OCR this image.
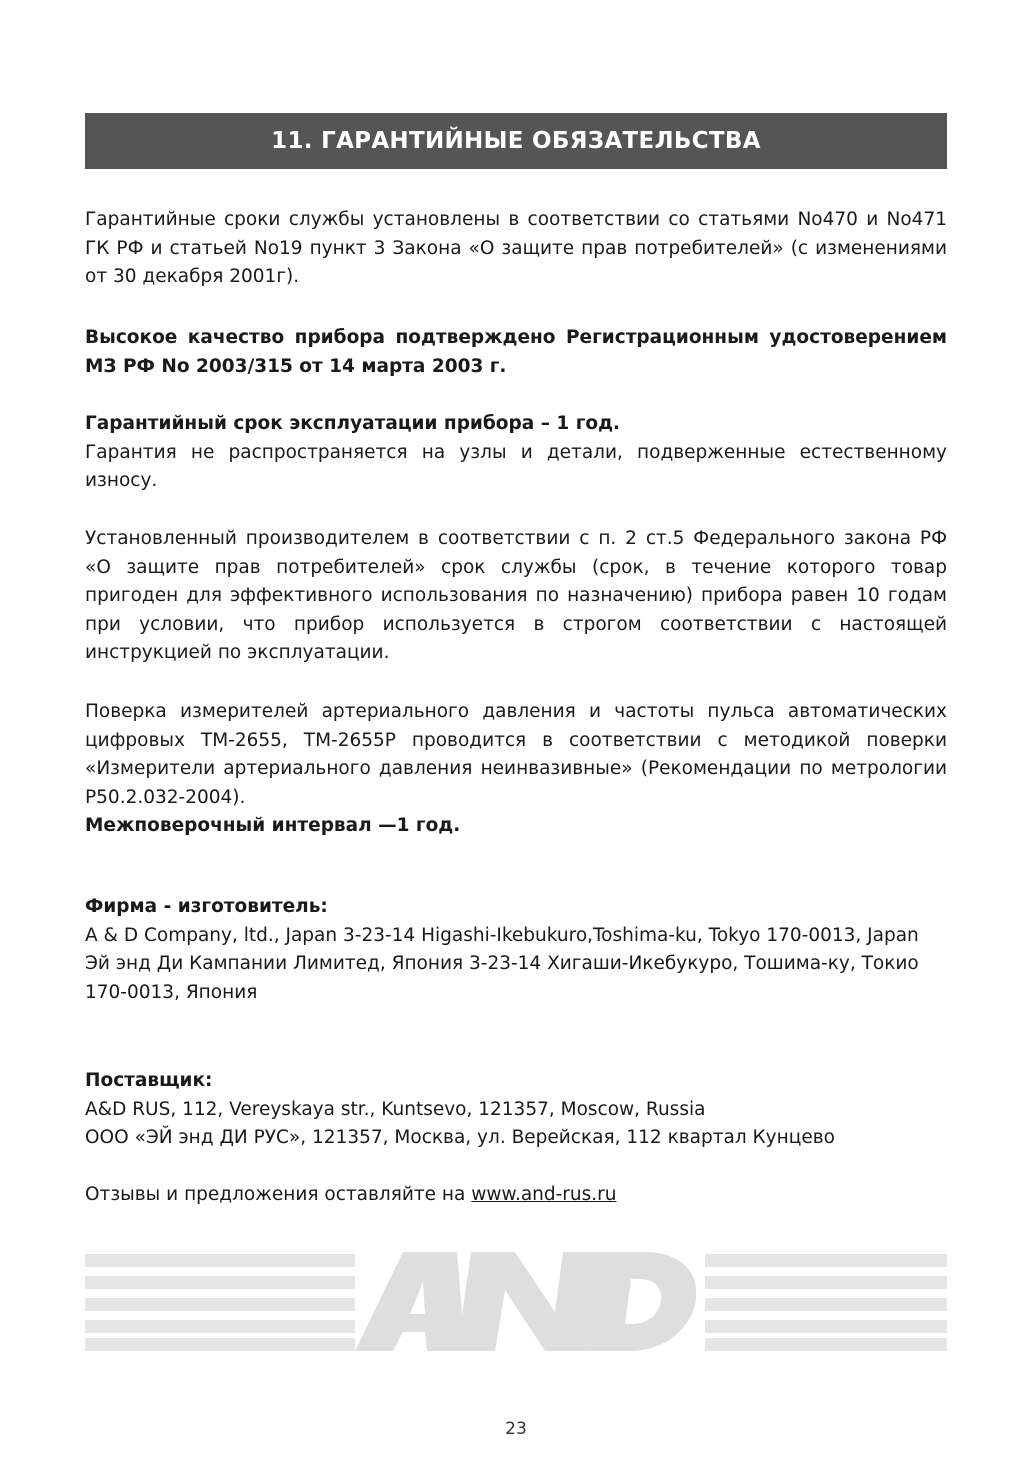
11. ГАРАНТИЙНЫЕ ОБЯЗАТЕЛЬСТВА

Гарантийные сроки службы установлены в соответствии со статьями No470 и No471 ГК РФ и статьей No19 пункт 3 Закона «О защите прав потребителей» (с изменениями от 30 декабря 2001г).

Высокое качество прибора подтверждено Регистрационным удостоверением МЗ РФ No 2003/315 от 14 марта 2003 г.

Гарантийный срок эксплуатации прибора – 1 год.

Гарантия не распространяется на узлы и детали, подверженные естественному износу.

Установленный производителем в соответствии с п. 2 ст.5 Федерального закона РФ «О защите прав потребителей» срок службы (срок, в течение которого товар пригоден для эффективного использования по назначению) прибора равен 10 годам при условии, что прибор используется в строгом соответствии с настоящей инструкцией по эксплуатации.

Поверка измерителей артериального давления и частоты пульса автоматических цифровых ТМ-2655, ТМ-2655Р проводится в соответствии с методикой поверки «Измерители артериального давления неинвазивные» (Рекомендации по метрологии Р50.2.032-2004).

Межповерочный интервал —1 год.

Фирма - изготовитель:

A & D Company, ltd., Japan 3-23-14 Higashi-Ikebukuro,Toshima-ku, Tokyo 170-0013, Japan

Эй энд Ди Кампании Лимитед, Япония 3-23-14 Хигаши-Икебукуро, Тошима-ку, Токио 170-0013, Япония

Поставщик:

A&D RUS, 112, Vereyskaya str., Kuntsevo, 121357, Moscow, Russia

ООО «ЭЙ энд ДИ РУС», 121357, Москва, ул. Верейская, 112 квартал Кунцево

Отзывы и предложения оставляйте на www.and-rus.ru

23
